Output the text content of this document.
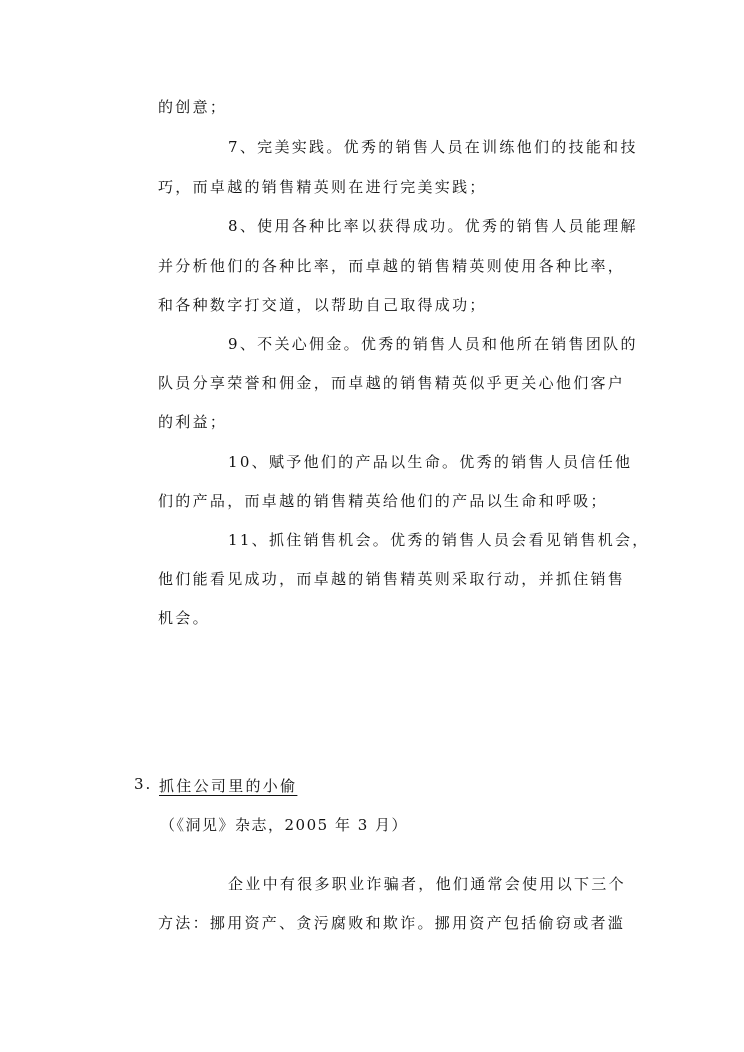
的创意；
7、完美实践。优秀的销售人员在训练他们的技能和技
巧，而卓越的销售精英则在进行完美实践；
8、使用各种比率以获得成功。优秀的销售人员能理解
并分析他们的各种比率，而卓越的销售精英则使用各种比率，
和各种数字打交道，以帮助自己取得成功；
9、不关心佣金。优秀的销售人员和他所在销售团队的
队员分享荣誉和佣金，而卓越的销售精英似乎更关心他们客户
的利益；
10、赋予他们的产品以生命。优秀的销售人员信任他
们的产品，而卓越的销售精英给他们的产品以生命和呼吸；
11、抓住销售机会。优秀的销售人员会看见销售机会，
他们能看见成功，而卓越的销售精英则采取行动，并抓住销售
机会。
3. 抓住公司里的小偷
（《洞见》杂志，2005 年 3 月）
企业中有很多职业诈骗者，他们通常会使用以下三个
方法：挪用资产、贪污腐败和欺诈。挪用资产包括偷窃或者滥
